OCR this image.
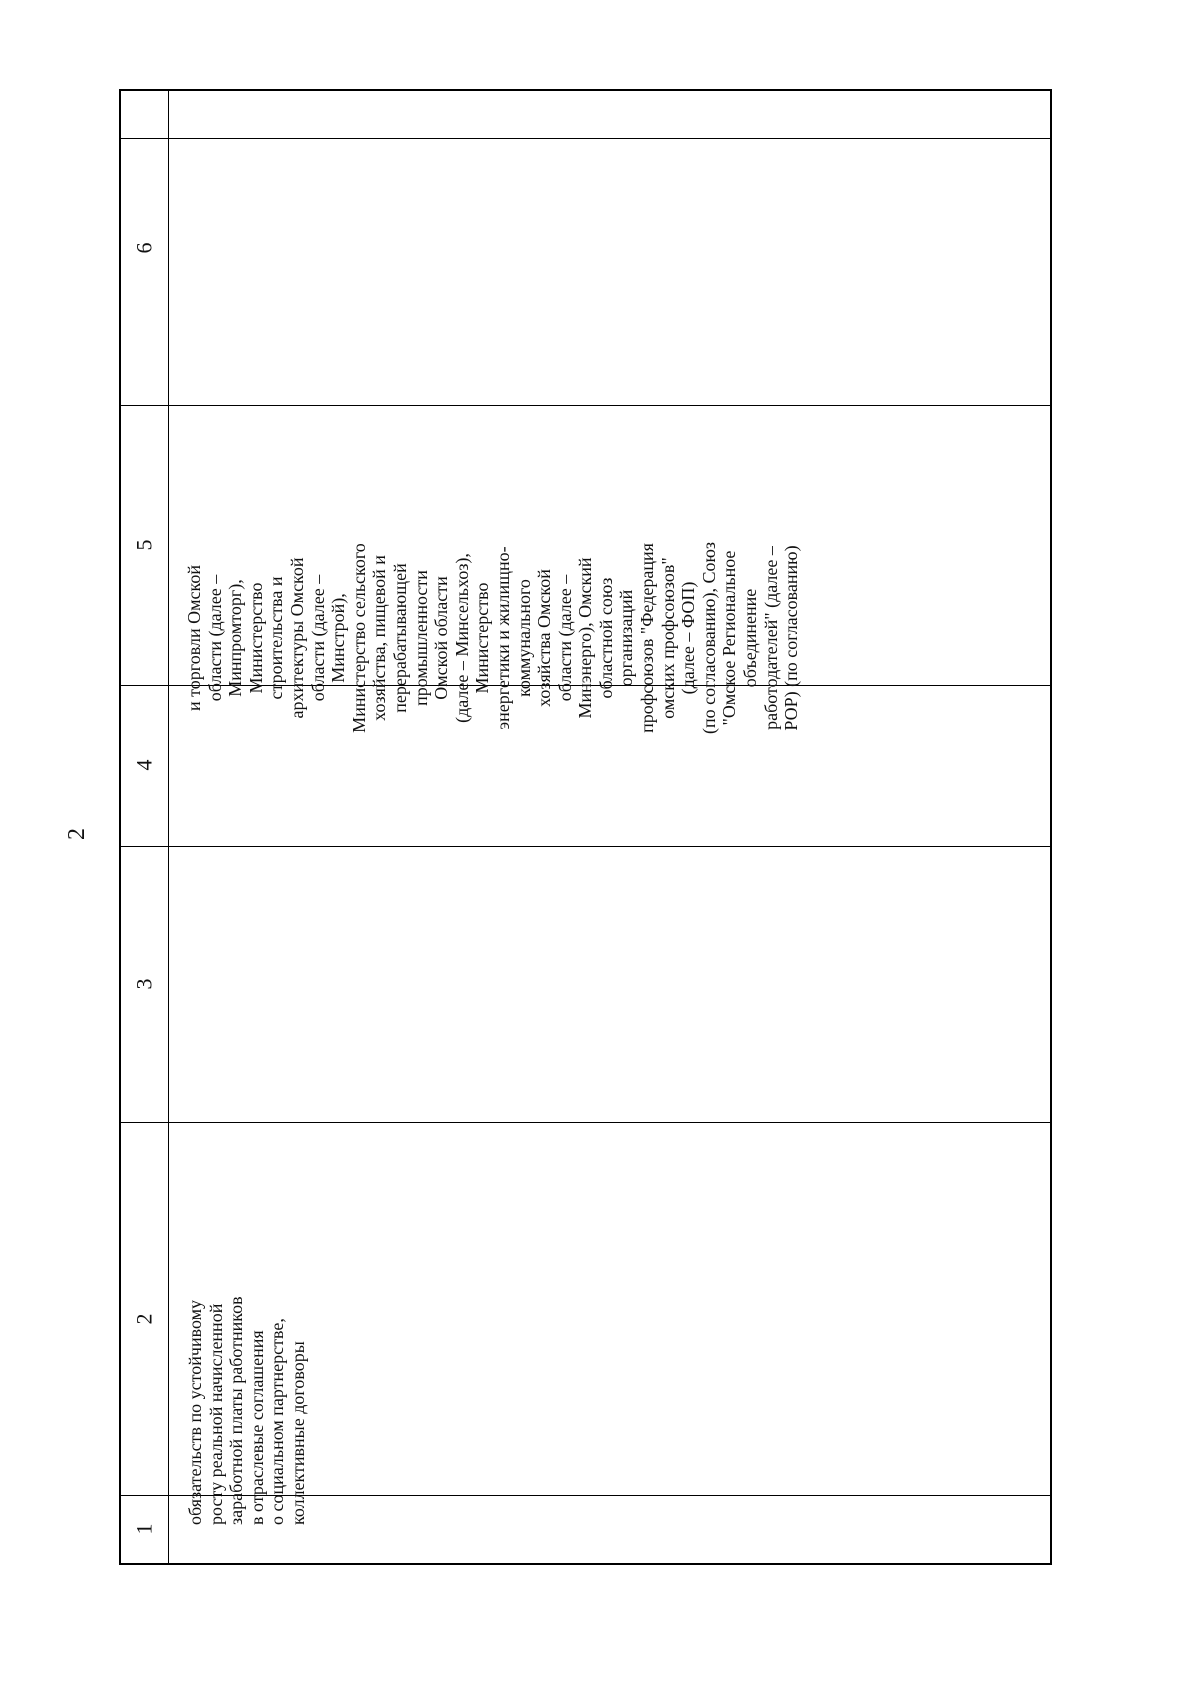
2
1
2
3
4
5
6
обязательств по устойчивому росту реальной начисленной заработной платы работников в отраслевые соглашения о социальном партнерстве, коллективные договоры
и торговли Омской области (далее – Минпромторг), Министерство строительства и архитектуры Омской области (далее – Минстрой), Министерство сельского хозяйства, пищевой и перерабатывающей промышленности Омской области (далее – Минсельхоз), Министерство энергетики и жилищно- коммунального хозяйства Омской области (далее – Минэнерго), Омский областной союз организаций профсоюзов "Федерация омских профсоюзов" (далее – ФОП) (по согласованию), Союз "Омское Региональное объединение работодателей" (далее – РОР) (по согласованию)
